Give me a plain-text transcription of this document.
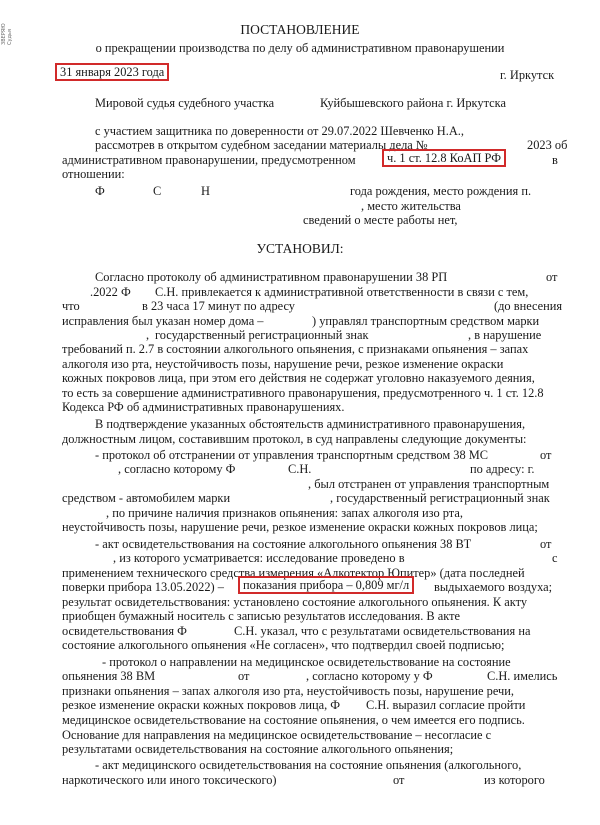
ЗВЕРЯЮ Судья	ПОСТАНОВЛЕНИЕ
о прекращении производства по делу об административном правонарушении
31 января 2023 года	г. Иркутск
Мировой судья судебного участка	Куйбышевского района г. Иркутска
с участием защитника по доверенности от 29.07.2022 Шевченко Н.А.,
рассмотрев в открытом судебном заседании материалы дела №	2023 об
административном правонарушении, предусмотренном	ч. 1 ст. 12.8 КоАП РФ	в
отношении:
Ф	С	Н	года рождения, место рождения п.
, место жительства
сведений о месте работы нет,
УСТАНОВИЛ:
Согласно протоколу об административном правонарушении 38 РП	от
.2022 Ф С.Н. привлекается к административной ответственности в связи с тем,
что	в 23 часа 17 минут по адресу	(до внесения
исправления был указан номер дома –	) управлял транспортным средством марки
, государственный регистрационный знак	, в нарушение
требований п. 2.7 в состоянии алкогольного опьянения, с признаками опьянения – запах
алкоголя изо рта, неустойчивость позы, нарушение речи, резкое изменение окраски
кожных покровов лица, при этом его действия не содержат уголовно наказуемого деяния,
то есть за совершение административного правонарушения, предусмотренного ч. 1 ст. 12.8
Кодекса РФ об административных правонарушениях.
В подтверждение указанных обстоятельств административного правонарушения,
должностным лицом, составившим протокол, в суд направлены следующие документы:
- протокол об отстранении от управления транспортным средством 38 МС	от
, согласно которому Ф	С.Н.	по адресу: г.
, был отстранен от управления транспортным
средством - автомобилем марки	, государственный регистрационный знак
, по причине наличия признаков опьянения: запах алкоголя изо рта,
неустойчивость позы, нарушение речи, резкое изменение окраски кожных покровов лица;
- акт освидетельствования на состояние алкогольного опьянения 38 ВТ	от
, из которого усматривается: исследование проведено в	с
применением технического средства измерения «Алкотектор Юпитер» (дата последней
поверки прибора 13.05.2022) –	показания прибора – 0,809 мг/л	выдыхаемого воздуха;
результат освидетельствования: установлено состояние алкогольного опьянения. К акту
приобщен бумажный носитель с записью результатов исследования. В акте
освидетельствования Ф	С.Н. указал, что с результатами освидетельствования на
состояние алкогольного опьянения «Не согласен», что подтвердил своей подписью;
- протокол о направлении на медицинское освидетельствование на состояние
опьянения 38 ВМ	от	, согласно которому у Ф	С.Н. имелись
признаки опьянения – запах алкоголя изо рта, неустойчивость позы, нарушение речи,
резкое изменение окраски кожных покровов лица, Ф С.Н. выразил согласие пройти
медицинское освидетельствование на состояние опьянения, о чем имеется его подпись.
Основание для направления на медицинское освидетельствование – несогласие с
результатами освидетельствования на состояние алкогольного опьянения;
- акт медицинского освидетельствования на состояние опьянения (алкогольного,
наркотического или иного токсического)	от	из которого
